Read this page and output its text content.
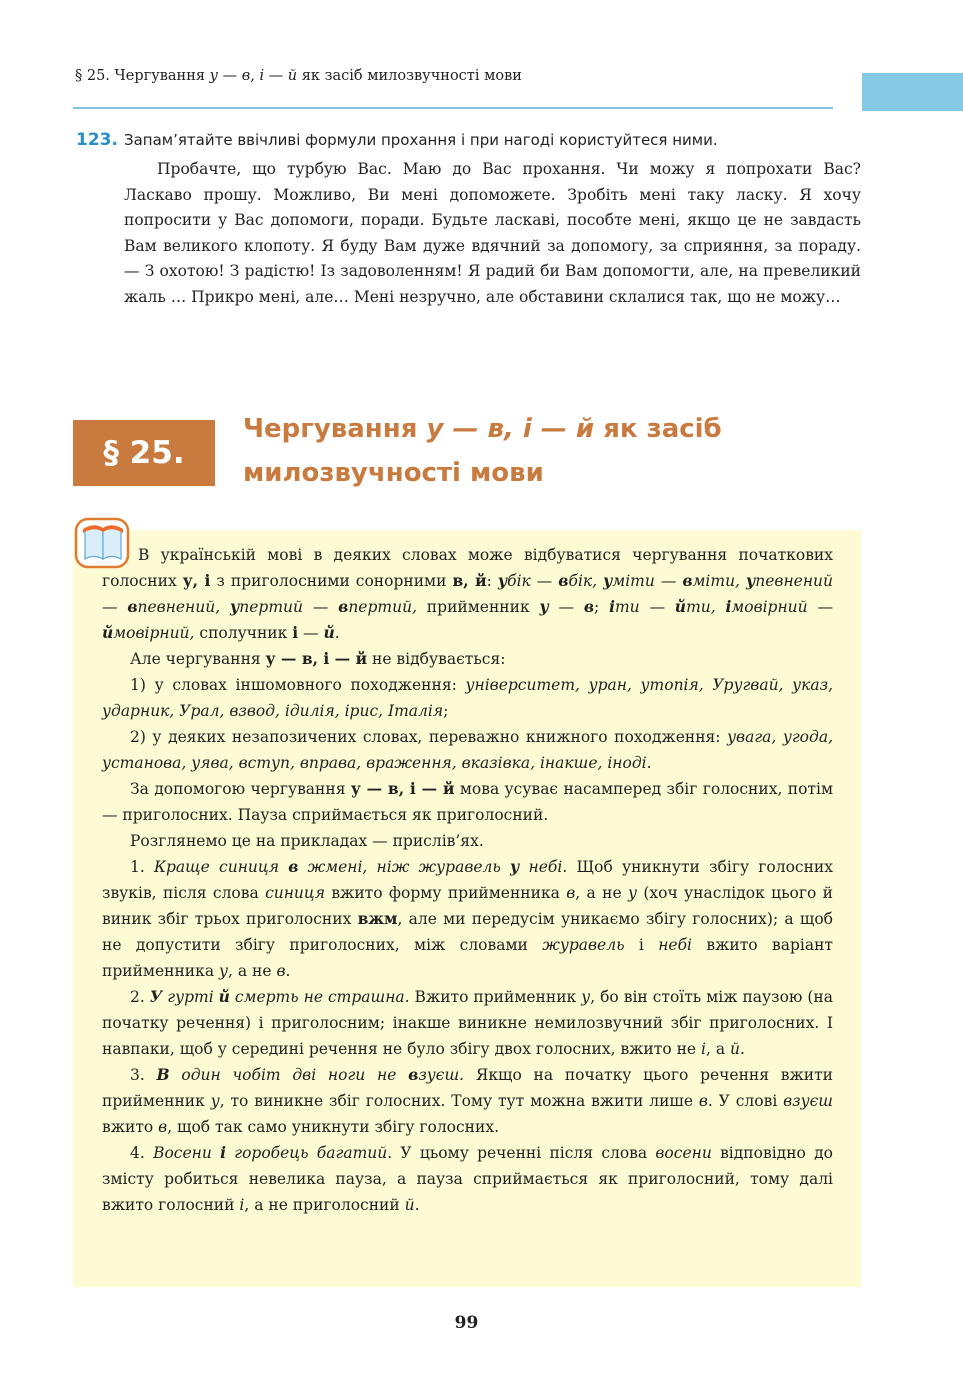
§ 25. Чергування у — в, і — й як засіб милозвучності мови
123. Запам’ятайте ввічливі формули прохання і при нагоді користуйтеся ними.
Пробачте, що турбую Вас. Маю до Вас прохання. Чи можу я попрохати Вас? Ласкаво прошу. Можливо, Ви мені допоможете. Зробіть мені таку ласку. Я хочу попросити у Вас допомоги, поради. Будьте ласкаві, пособте мені, якщо це не завдасть Вам великого клопоту. Я буду Вам дуже вдячний за допомогу, за сприяння, за пораду. — З охотою! З радістю! Із задоволенням! Я радий би Вам допомогти, але, на превеликий жаль … Прикро мені, але… Мені незручно, але обставини склалися так, що не можу…
§ 25.
Чергування у — в, і — й як засіб
милозвучності мови

В українській мові в деяких словах може відбуватися чергування початкових голосних у, і з приголосними сонорними в, й: убік — вбік, уміти — вміти, упевнений — впевнений, упертий — впертий, прийменник у — в; іти — йти, імовірний — ймовірний, сполучник і — й.

Але чергування у — в, і — й не відбувається:

1) у словах іншомовного походження: університет, уран, утопія, Уругвай, указ, ударник, Урал, взвод, ідилія, ірис, Італія;

2) у деяких незапозичених словах, переважно книжного походження: увага, угода, установа, уява, вступ, вправа, враження, вказівка, інакше, іноді.

За допомогою чергування у — в, і — й мова усуває насамперед збіг голосних, потім — приголосних. Пауза сприймається як приголосний.

Розглянемо це на прикладах — прислів’ях.

1. Краще синиця в жмені, ніж журавель у небі. Щоб уникнути збігу голосних звуків, після слова синиця вжито форму прийменника в, а не у (хоч унаслідок цього й виник збіг трьох приголосних вжм, але ми передусім уникаємо збігу голосних); а щоб не допустити збігу приголосних, між словами журавель і небі вжито варіант прийменника у, а не в.

2. У гурті й смерть не страшна. Вжито прийменник у, бо він стоїть між паузою (на початку речення) і приголосним; інакше виникне немилозвучний збіг приголосних. І навпаки, щоб у середині речення не було збігу двох голосних, вжито не і, а й.

3. В один чобіт дві ноги не взуєш. Якщо на початку цього речення вжити прийменник у, то виникне збіг голосних. Тому тут можна вжити лише в. У слові взуєш вжито в, щоб так само уникнути збігу голосних.

4. Восени і горобець багатий. У цьому реченні після слова восени відповідно до змісту робиться невелика пауза, а пауза сприймається як приголосний, тому далі вжито голосний і, а не приголосний й.

99
